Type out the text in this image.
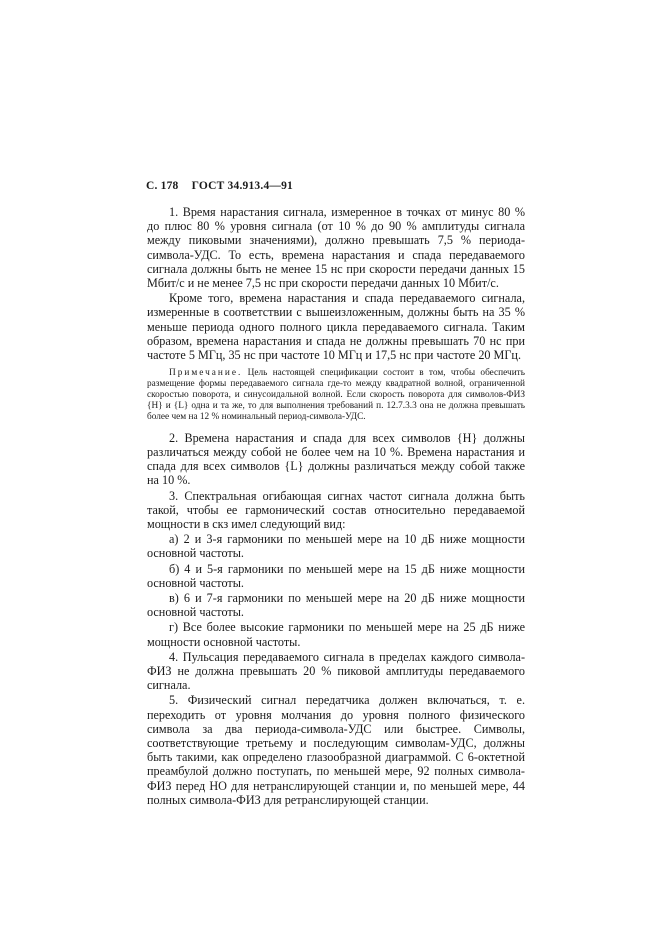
С. 178 ГОСТ 34.913.4—91

1. Время нарастания сигнала, измеренное в точках от минус 80 % до плюс 80 % уровня сигнала (от 10 % до 90 % амплитуды сигнала между пиковыми значениями), должно превышать 7,5 % периода-символа-УДС. То есть, времена нарастания и спада передаваемого сигнала должны быть не менее 15 нс при скорости передачи данных 15 Мбит/с и не менее 7,5 нс при скорости передачи данных 10 Мбит/с.

Кроме того, времена нарастания и спада передаваемого сигнала, измеренные в соответствии с вышеизложенным, должны быть на 35 % меньше периода одного полного цикла передаваемого сигнала. Таким образом, времена нарастания и спада не должны превышать 70 нс при частоте 5 МГц, 35 нс при частоте 10 МГц и 17,5 нс при частоте 20 МГц.

Примечание. Цель настоящей спецификации состоит в том, чтобы обеспечить размещение формы передаваемого сигнала где-то между квадратной волной, ограниченной скоростью поворота, и синусоидальной волной. Если скорость поворота для символов-ФИЗ {Н} и {L} одна и та же, то для выполнения требований п. 12.7.3.3 она не должна превышать более чем на 12 % номинальный период-символа-УДС.

2. Времена нарастания и спада для всех символов {Н} должны различаться между собой не более чем на 10 %. Времена нарастания и спада для всех символов {L} должны различаться между собой также на 10 %.

3. Спектральная огибающая сигнах частот сигнала должна быть такой, чтобы ее гармонический состав относительно передаваемой мощности в скз имел следующий вид:

а) 2 и 3-я гармоники по меньшей мере на 10 дБ ниже мощности основной частоты.

б) 4 и 5-я гармоники по меньшей мере на 15 дБ ниже мощности основной частоты.

в) 6 и 7-я гармоники по меньшей мере на 20 дБ ниже мощности основной частоты.

г) Все более высокие гармоники по меньшей мере на 25 дБ ниже мощности основной частоты.

4. Пульсация передаваемого сигнала в пределах каждого символа-ФИЗ не должна превышать 20 % пиковой амплитуды передаваемого сигнала.

5. Физический сигнал передатчика должен включаться, т. е. переходить от уровня молчания до уровня полного физического символа за два периода-символа-УДС или быстрее. Символы, соответствующие третьему и последующим символам-УДС, должны быть такими, как определено глазообразной диаграммой. С 6-октетной преамбулой должно поступать, по меньшей мере, 92 полных символа-ФИЗ перед НО для нетранслирующей станции и, по меньшей мере, 44 полных символа-ФИЗ для ретранслирующей станции.
